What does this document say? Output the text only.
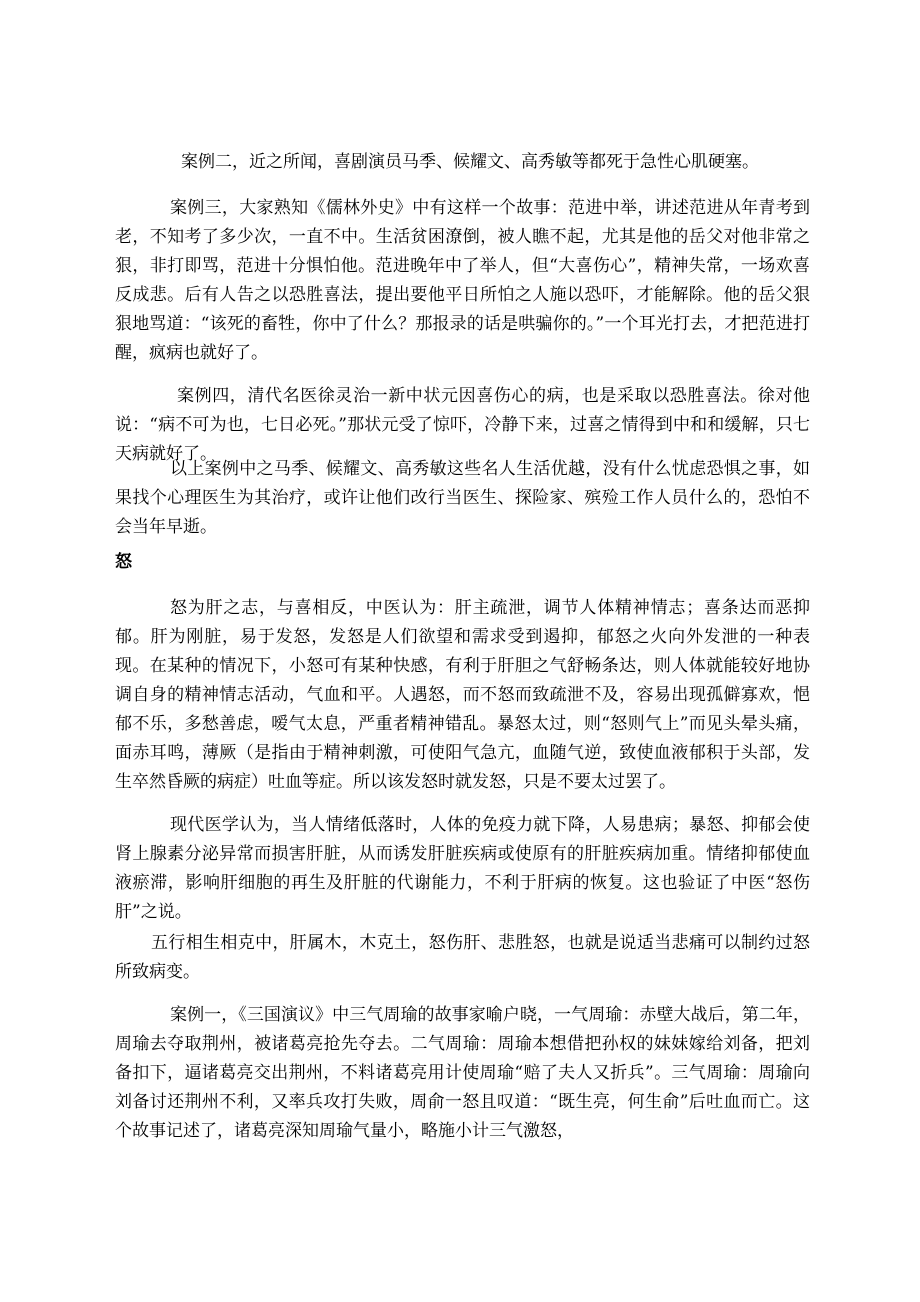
案例二，近之所闻，喜剧演员马季、候耀文、高秀敏等都死于急性心肌硬塞。

案例三，大家熟知《儒林外史》中有这样一个故事：范进中举，讲述范进从年青考到老，不知考了多少次，一直不中。生活贫困潦倒，被人瞧不起，尤其是他的岳父对他非常之狠，非打即骂，范进十分惧怕他。范进晚年中了举人，但“大喜伤心”，精神失常，一场欢喜反成悲。后有人告之以恐胜喜法，提出要他平日所怕之人施以恐吓，才能解除。他的岳父狠狠地骂道：“该死的畜牲，你中了什么？那报录的话是哄骗你的。”一个耳光打去，才把范进打醒，疯病也就好了。

案例四，清代名医徐灵治一新中状元因喜伤心的病，也是采取以恐胜喜法。徐对他说：“病不可为也，七日必死。”那状元受了惊吓，冷静下来，过喜之情得到中和和缓解，只七天病就好了。

以上案例中之马季、候耀文、高秀敏这些名人生活优越，没有什么忧虑恐惧之事，如果找个心理医生为其治疗，或许让他们改行当医生、探险家、殡殓工作人员什么的，恐怕不会当年早逝。

怒

怒为肝之志，与喜相反，中医认为：肝主疏泄，调节人体精神情志；喜条达而恶抑郁。肝为刚脏，易于发怒，发怒是人们欲望和需求受到遏抑，郁怒之火向外发泄的一种表现。在某种的情况下，小怒可有某种快感，有利于肝胆之气舒畅条达，则人体就能较好地协调自身的精神情志活动，气血和平。人遇怒，而不怒而致疏泄不及，容易出现孤僻寡欢，悒郁不乐，多愁善虑，嗳气太息，严重者精神错乱。暴怒太过，则“怒则气上”而见头晕头痛，面赤耳鸣，薄厥（是指由于精神刺激，可使阳气急亢，血随气逆，致使血液郁积于头部，发生卒然昏厥的病症）吐血等症。所以该发怒时就发怒，只是不要太过罢了。

现代医学认为，当人情绪低落时，人体的免疫力就下降，人易患病；暴怒、抑郁会使肾上腺素分泌异常而损害肝脏，从而诱发肝脏疾病或使原有的肝脏疾病加重。情绪抑郁使血液瘀滞，影响肝细胞的再生及肝脏的代谢能力，不利于肝病的恢复。这也验证了中医“怒伤肝”之说。

五行相生相克中，肝属木，木克土，怒伤肝、悲胜怒，也就是说适当悲痛可以制约过怒所致病变。

案例一，《三国演议》中三气周瑜的故事家喻户晓，一气周瑜：赤壁大战后，第二年，周瑜去夺取荆州，被诸葛亮抢先夺去。二气周瑜：周瑜本想借把孙权的妹妹嫁给刘备，把刘备扣下，逼诸葛亮交出荆州，不料诸葛亮用计使周瑜“赔了夫人又折兵”。三气周瑜：周瑜向刘备讨还荆州不利，又率兵攻打失败，周俞一怒且叹道：“既生亮，何生俞”后吐血而亡。这个故事记述了，诸葛亮深知周瑜气量小，略施小计三气激怒，
